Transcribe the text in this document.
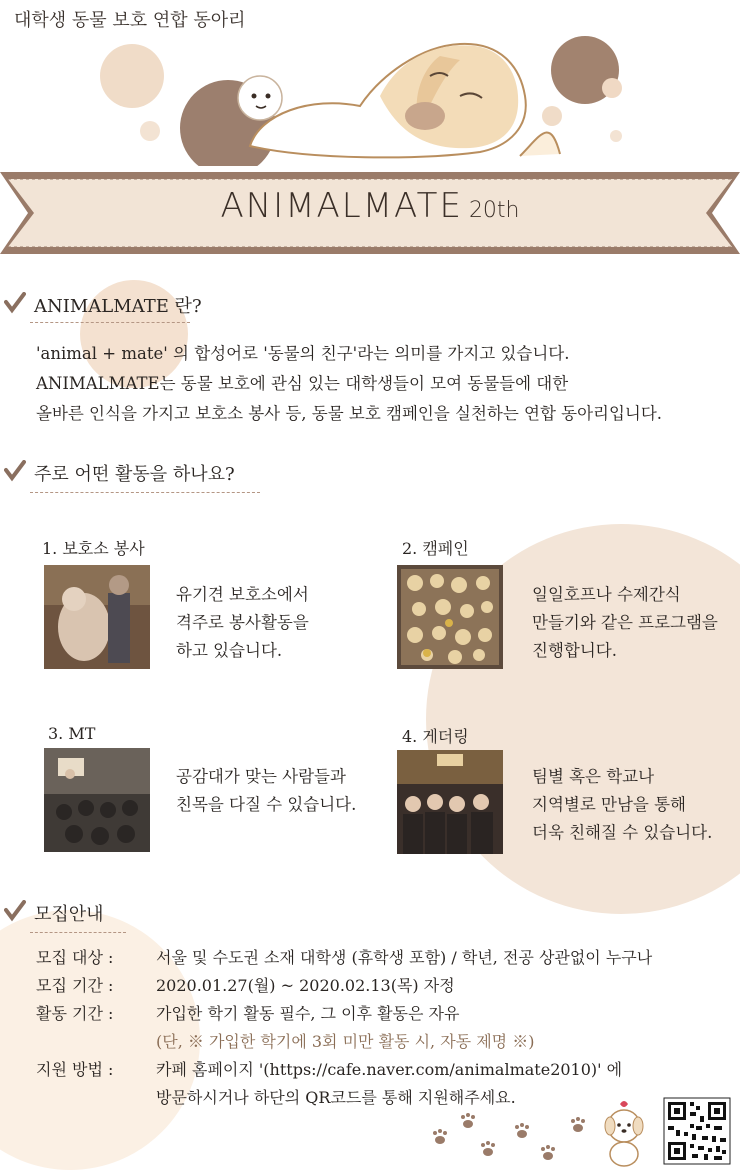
대학생 동물 보호 연합 동아리
ANIMALMATE 20th
ANIMALMATE 란?
'animal + mate' 의 합성어로 '동물의 친구'라는 의미를 가지고 있습니다.
ANIMALMATE는 동물 보호에 관심 있는 대학생들이 모여 동물들에 대한
올바른 인식을 가지고 보호소 봉사 등, 동물 보호 캠페인을 실천하는 연합 동아리입니다.
주로 어떤 활동을 하나요?
1. 보호소 봉사
유기견 보호소에서
격주로 봉사활동을
하고 있습니다.
2. 캠페인
일일호프나 수제간식
만들기와 같은 프로그램을
진행합니다.
3. MT
공감대가 맞는 사람들과
친목을 다질 수 있습니다.
4. 게더링
팀별 혹은 학교나
지역별로 만남을 통해
더욱 친해질 수 있습니다.
모집안내
모집 대상 :	서울 및 수도권 소재 대학생 (휴학생 포함) / 학년, 전공 상관없이 누구나
모집 기간 :	2020.01.27(월) ~ 2020.02.13(목) 자정
활동 기간 :	가입한 학기 활동 필수, 그 이후 활동은 자유
(단, ※ 가입한 학기에 3회 미만 활동 시, 자동 제명 ※)
지원 방법 :	카페 홈페이지 '(https://cafe.naver.com/animalmate2010)' 에
방문하시거나 하단의 QR코드를 통해 지원해주세요.
